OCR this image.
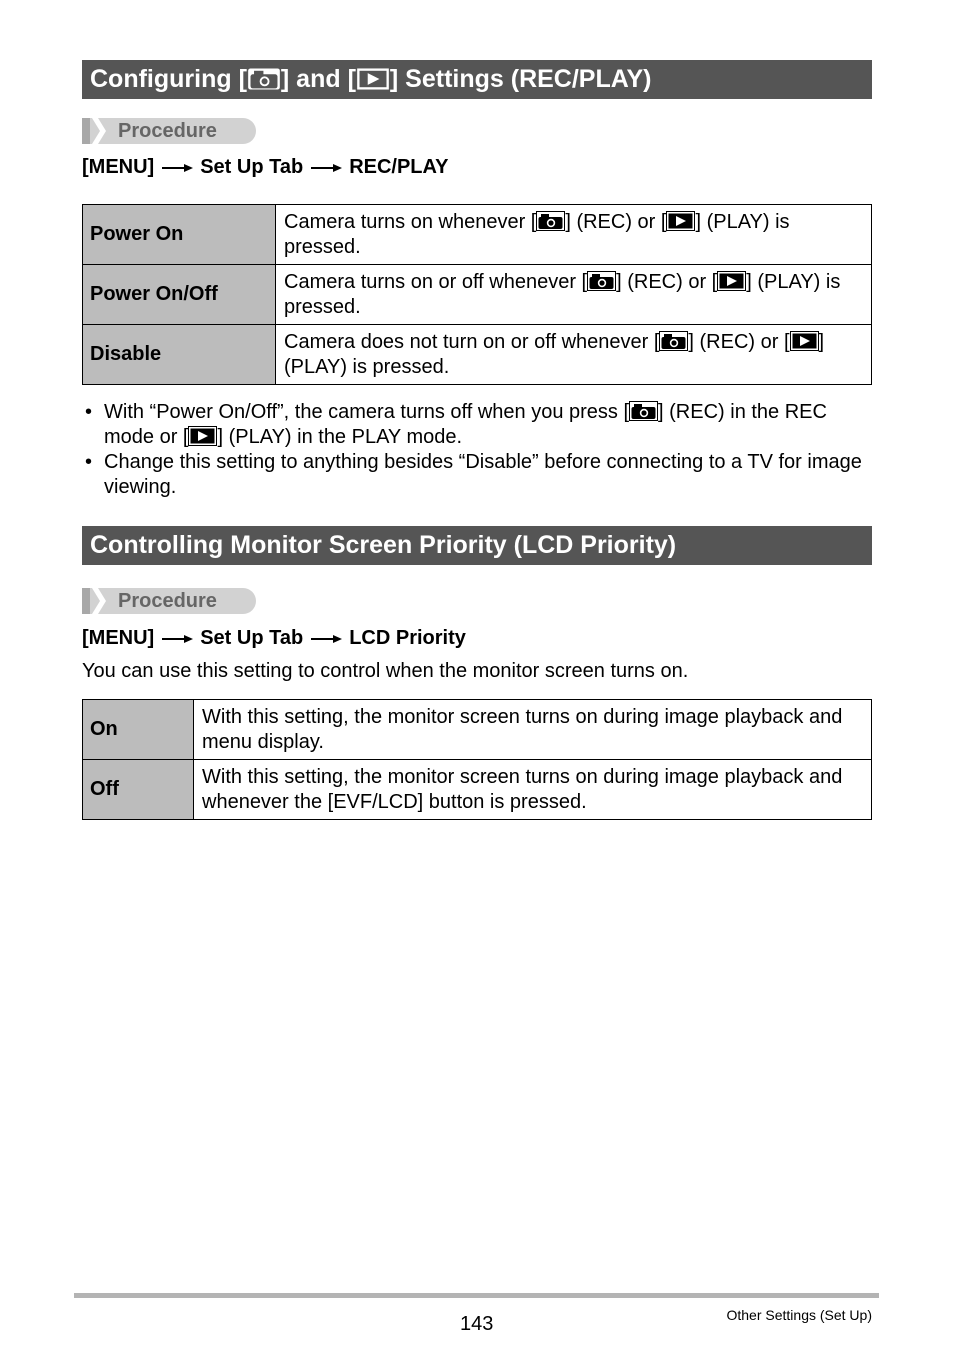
Configuring [ ] and [ ] Settings (REC/PLAY)
Procedure
[MENU] Set Up Tab REC/PLAY
Power On	Camera turns on whenever [ ] (REC) or [ ] (PLAY) is pressed.
Power On/Off	Camera turns on or off whenever [ ] (REC) or [ ] (PLAY) is pressed.
Disable	Camera does not turn on or off whenever [ ] (REC) or [ ] (PLAY) is pressed.
• With “Power On/Off”, the camera turns off when you press [ ] (REC) in the REC mode or [ ] (PLAY) in the PLAY mode.
• Change this setting to anything besides “Disable” before connecting to a TV for image viewing.
Controlling Monitor Screen Priority (LCD Priority)
Procedure
[MENU] Set Up Tab LCD Priority
You can use this setting to control when the monitor screen turns on.
On	With this setting, the monitor screen turns on during image playback and menu display.
Off	With this setting, the monitor screen turns on during image playback and whenever the [EVF/LCD] button is pressed.
143	Other Settings (Set Up)
